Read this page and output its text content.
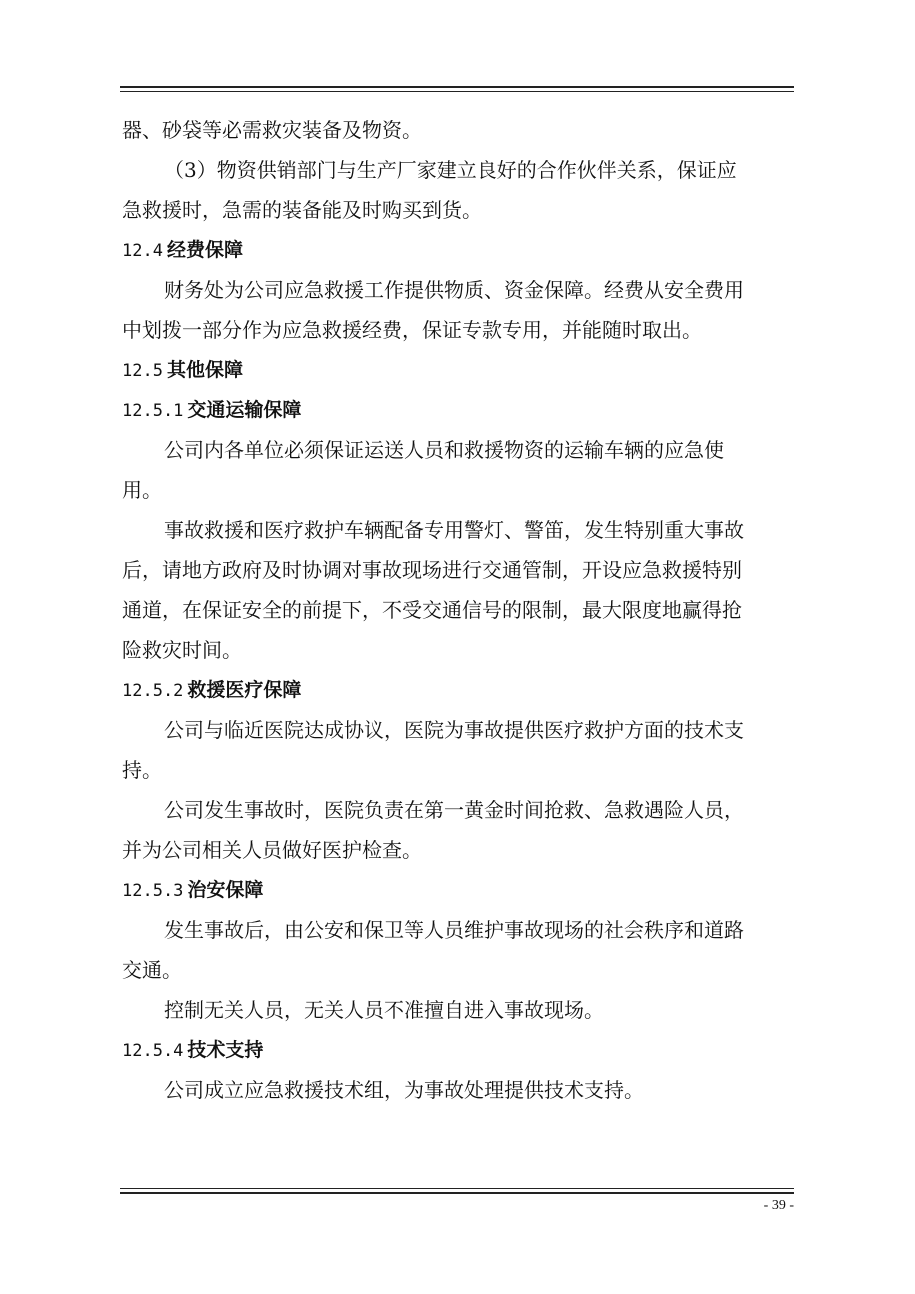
器、砂袋等必需救灾装备及物资。
（3）物资供销部门与生产厂家建立良好的合作伙伴关系，保证应
急救援时，急需的装备能及时购买到货。
12.4 经费保障
财务处为公司应急救援工作提供物质、资金保障。经费从安全费用
中划拨一部分作为应急救援经费，保证专款专用，并能随时取出。
12.5 其他保障
12.5.1 交通运输保障
公司内各单位必须保证运送人员和救援物资的运输车辆的应急使
用。
事故救援和医疗救护车辆配备专用警灯、警笛，发生特别重大事故
后，请地方政府及时协调对事故现场进行交通管制，开设应急救援特别
通道，在保证安全的前提下，不受交通信号的限制，最大限度地赢得抢
险救灾时间。
12.5.2 救援医疗保障
公司与临近医院达成协议，医院为事故提供医疗救护方面的技术支
持。
公司发生事故时，医院负责在第一黄金时间抢救、急救遇险人员，
并为公司相关人员做好医护检查。
12.5.3 治安保障
发生事故后，由公安和保卫等人员维护事故现场的社会秩序和道路
交通。
控制无关人员，无关人员不准擅自进入事故现场。
12.5.4 技术支持
公司成立应急救援技术组，为事故处理提供技术支持。
- 39 -
